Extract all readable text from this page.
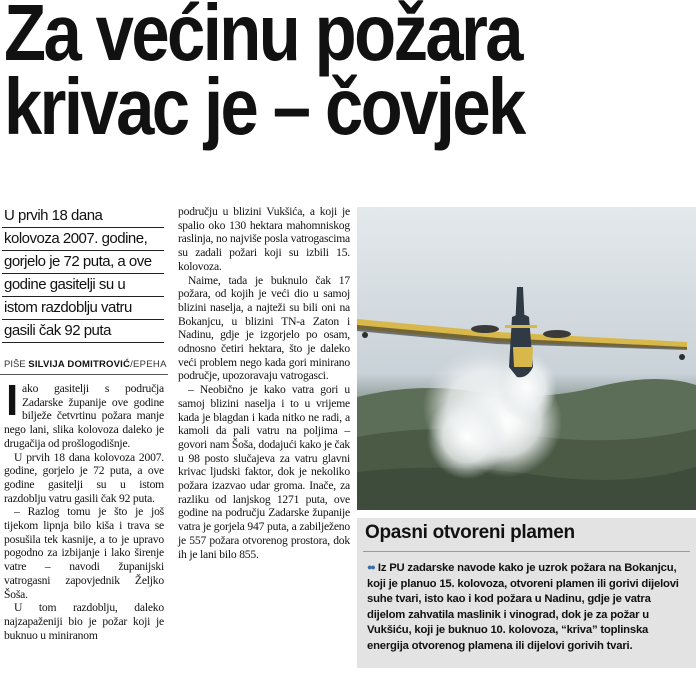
Za većinu požara
krivac je – čovjek
U prvih 18 dana
kolovoza 2007. godine,
gorjelo je 72 puta, a ove
godine gasitelji su u
istom razdoblju vatru
gasili čak 92 puta
PIŠE SILVIJA DOMITROVIĆ/EPEHA

Iako gasitelji s područja Zadarske županije ove godine bilježe četvrtinu požara manje nego lani, slika kolovoza daleko je drugačija od prošlogodišnje.

U prvih 18 dana kolovoza 2007. godine, gorjelo je 72 puta, a ove godine gasitelji su u istom razdoblju vatru gasili čak 92 puta.

– Razlog tomu je što je još tijekom lipnja bilo kiša i trava se posušila tek kasnije, a to je upravo pogodno za izbijanje i lako širenje vatre – navodi županijski vatrogasni zapovjednik Željko Šoša.

U tom razdoblju, daleko najzapaženiji bio je požar koji je buknuo u miniranom

području u blizini Vukšića, a koji je spalio oko 130 hektara mahomniskog raslinja, no najviše posla vatrogascima su zadali požari koji su izbili 15. kolovoza.

Naime, tada je buknulo čak 17 požara, od kojih je veći dio u samoj blizini naselja, a najteži su bili oni na Bokanjcu, u blizini TN-a Zaton i Nadinu, gdje je izgorjelo po osam, odnosno četiri hektara, što je daleko veći problem nego kada gori minirano područje, upozoravaju vatrogasci.

– Neobično je kako vatra gori u samoj blizini naselja i to u vrijeme kada je blagdan i kada nitko ne radi, a kamoli da pali vatru na poljima – govori nam Šoša, dodajući kako je čak u 98 posto slučajeva za vatru glavni krivac ljudski faktor, dok je nekoliko požara izazvao udar groma. Inače, za razliku od lanjskog 1271 puta, ove godine na području Zadarske županije vatra je gorjela 947 puta, a zabilježeno je 557 požara otvorenog prostora, dok ih je lani bilo 855.

Opasni otvoreni plamen
●● Iz PU zadarske navode kako je uzrok požara na Bokanjcu, koji je planuo 15. kolovoza, otvoreni plamen ili gorivi dijelovi suhe tvari, isto kao i kod požara u Nadinu, gdje je vatra dijelom zahvatila maslinik i vinograd, dok je za požar u Vukšiću, koji je buknuo 10. kolovoza, “kriva” toplinska energija otvorenog plamena ili dijelovi gorivih tvari.
